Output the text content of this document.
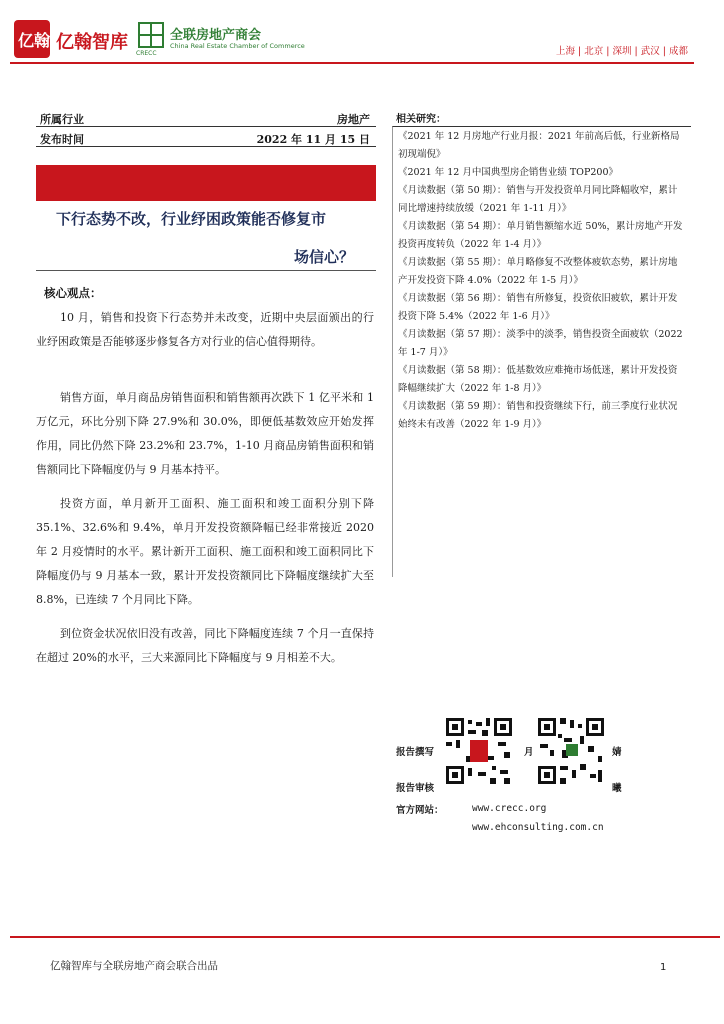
亿翰 亿翰智库
CRECC
全联房地产商会
China Real Estate Chamber of Commerce	上海 | 北京 | 深圳 | 武汉 | 成都
所属行业	房地产
发布时间	2022 年 11 月 15 日
下行态势不改，行业纾困政策能否修复市
场信心？
核心观点：
10 月，销售和投资下行态势并未改变，近期中央层面颁出的行业纾困政策是否能够逐步修复各方对行业的信心值得期待。
销售方面，单月商品房销售面积和销售额再次跌下 1 亿平米和 1 万亿元，环比分别下降 27.9%和 30.0%，即便低基数效应开始发挥作用，同比仍然下降 23.2%和 23.7%，1-10 月商品房销售面积和销售额同比下降幅度仍与 9 月基本持平。
投资方面，单月新开工面积、施工面积和竣工面积分别下降 35.1%、32.6%和 9.4%，单月开发投资额降幅已经非常接近 2020 年 2 月疫情时的水平。累计新开工面积、施工面积和竣工面积同比下降幅度仍与 9 月基本一致，累计开发投资额同比下降幅度继续扩大至 8.8%，已连续 7 个月同比下降。
到位资金状况依旧没有改善，同比下降幅度连续 7 个月一直保持在超过 20%的水平，三大来源同比下降幅度与 9 月相差不大。
相关研究：
《2021 年 12 月房地产行业月报：2021 年前高后低，行业新格局初现端倪》
《2021 年 12 月中国典型房企销售业绩 TOP200》
《月读数据（第 50 期）：销售与开发投资单月同比降幅收窄，累计同比增速持续放缓（2021 年 1-11 月）》
《月读数据（第 54 期）：单月销售额缩水近 50%，累计房地产开发投资再度转负（2022 年 1-4 月）》
《月读数据（第 55 期）：单月略修复不改整体疲软态势，累计房地产开发投资下降 4.0%（2022 年 1-5 月）》
《月读数据（第 56 期）：销售有所修复，投资依旧疲软，累计开发投资下降 5.4%（2022 年 1-6 月）》
《月读数据（第 57 期）：淡季中的淡季，销售投资全面疲软（2022 年 1-7 月）》
《月读数据（第 58 期）：低基数效应难掩市场低迷，累计开发投资降幅继续扩大（2022 年 1-8 月）》
《月读数据（第 59 期）：销售和投资继续下行，前三季度行业状况始终未有改善（2022 年 1-9 月）》
报告撰写	月	婧
报告审核	曦
官方网站：	www.crecc.org
www.ehconsulting.com.cn
亿翰智库与全联房地产商会联合出品	1
